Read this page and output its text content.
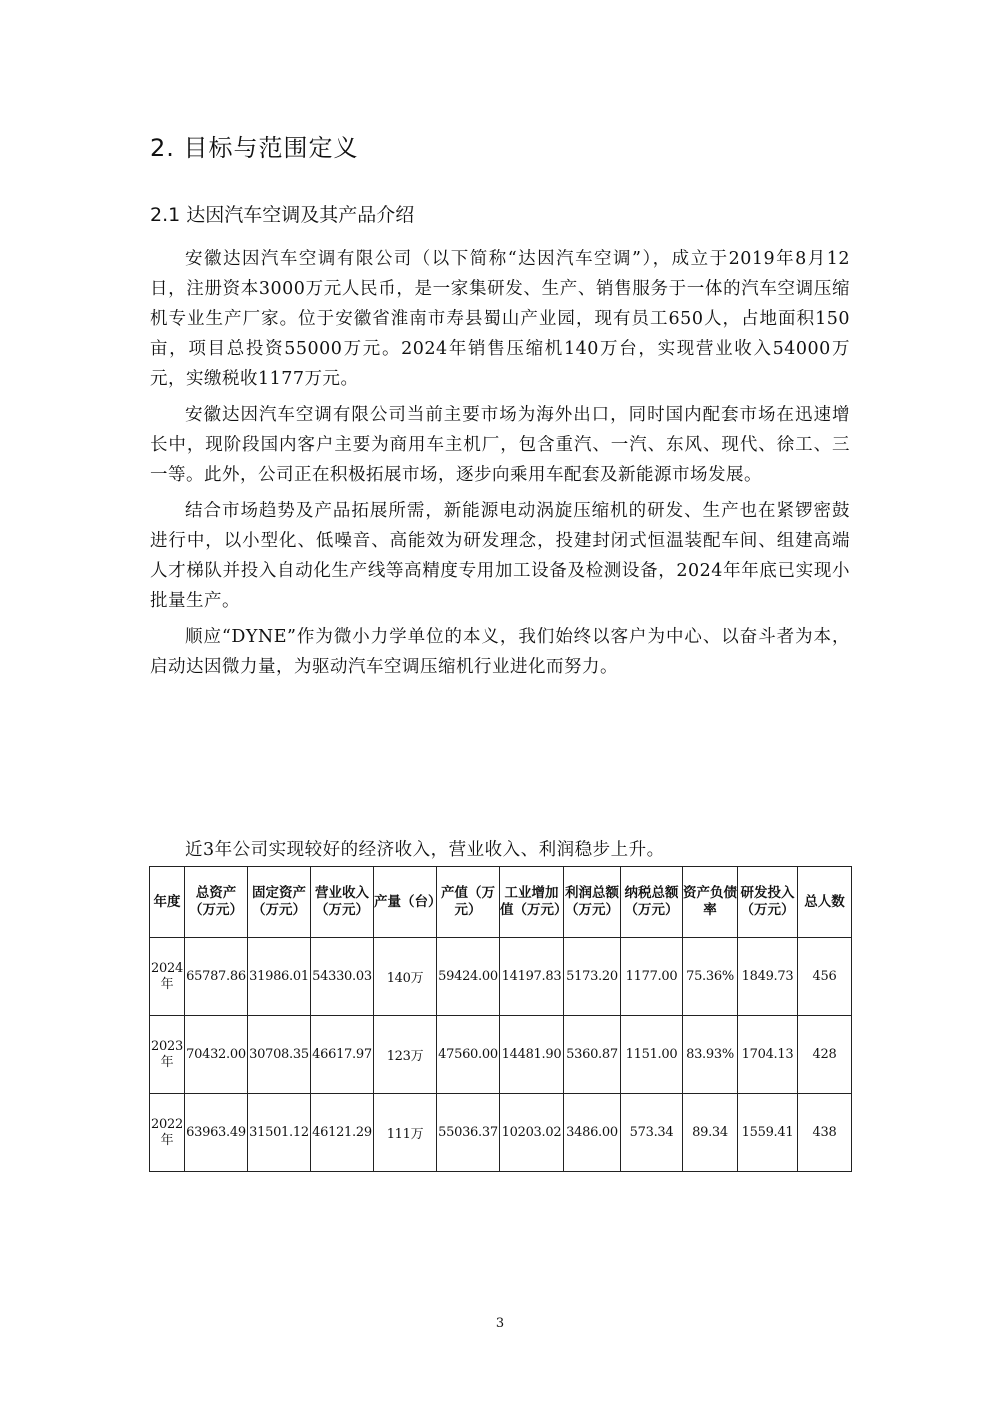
2. 目标与范围定义
2.1 达因汽车空调及其产品介绍

安徽达因汽车空调有限公司（以下简称“达因汽车空调”），成立于2019年8月12日，注册资本3000万元人民币，是一家集研发、生产、销售服务于一体的汽车空调压缩机专业生产厂家。位于安徽省淮南市寿县蜀山产业园，现有员工650人，占地面积150亩，项目总投资55000万元。2024年销售压缩机140万台，实现营业收入54000万元，实缴税收1177万元。

安徽达因汽车空调有限公司当前主要市场为海外出口，同时国内配套市场在迅速增长中，现阶段国内客户主要为商用车主机厂，包含重汽、一汽、东风、现代、徐工、三一等。此外，公司正在积极拓展市场，逐步向乘用车配套及新能源市场发展。

结合市场趋势及产品拓展所需，新能源电动涡旋压缩机的研发、生产也在紧锣密鼓进行中，以小型化、低噪音、高能效为研发理念，投建封闭式恒温装配车间、组建高端人才梯队并投入自动化生产线等高精度专用加工设备及检测设备，2024年年底已实现小批量生产。

顺应“DYNE”作为微小力学单位的本义，我们始终以客户为中心、以奋斗者为本，启动达因微力量，为驱动汽车空调压缩机行业进化而努力。

近3年公司实现较好的经济收入，营业收入、利润稳步上升。

年度	总资产（万元）	固定资产（万元）	营业收入（万元）	产量（台）	产值（万元）	工业增加值（万元）	利润总额（万元）	纳税总额（万元）	资产负债率	研发投入（万元）	总人数
2024年	65787.86	31986.01	54330.03	140万	59424.00	14197.83	5173.20	1177.00	75.36%	1849.73	456
2023年	70432.00	30708.35	46617.97	123万	47560.00	14481.90	5360.87	1151.00	83.93%	1704.13	428
2022年	63963.49	31501.12	46121.29	111万	55036.37	10203.02	3486.00	573.34	89.34	1559.41	438
3
